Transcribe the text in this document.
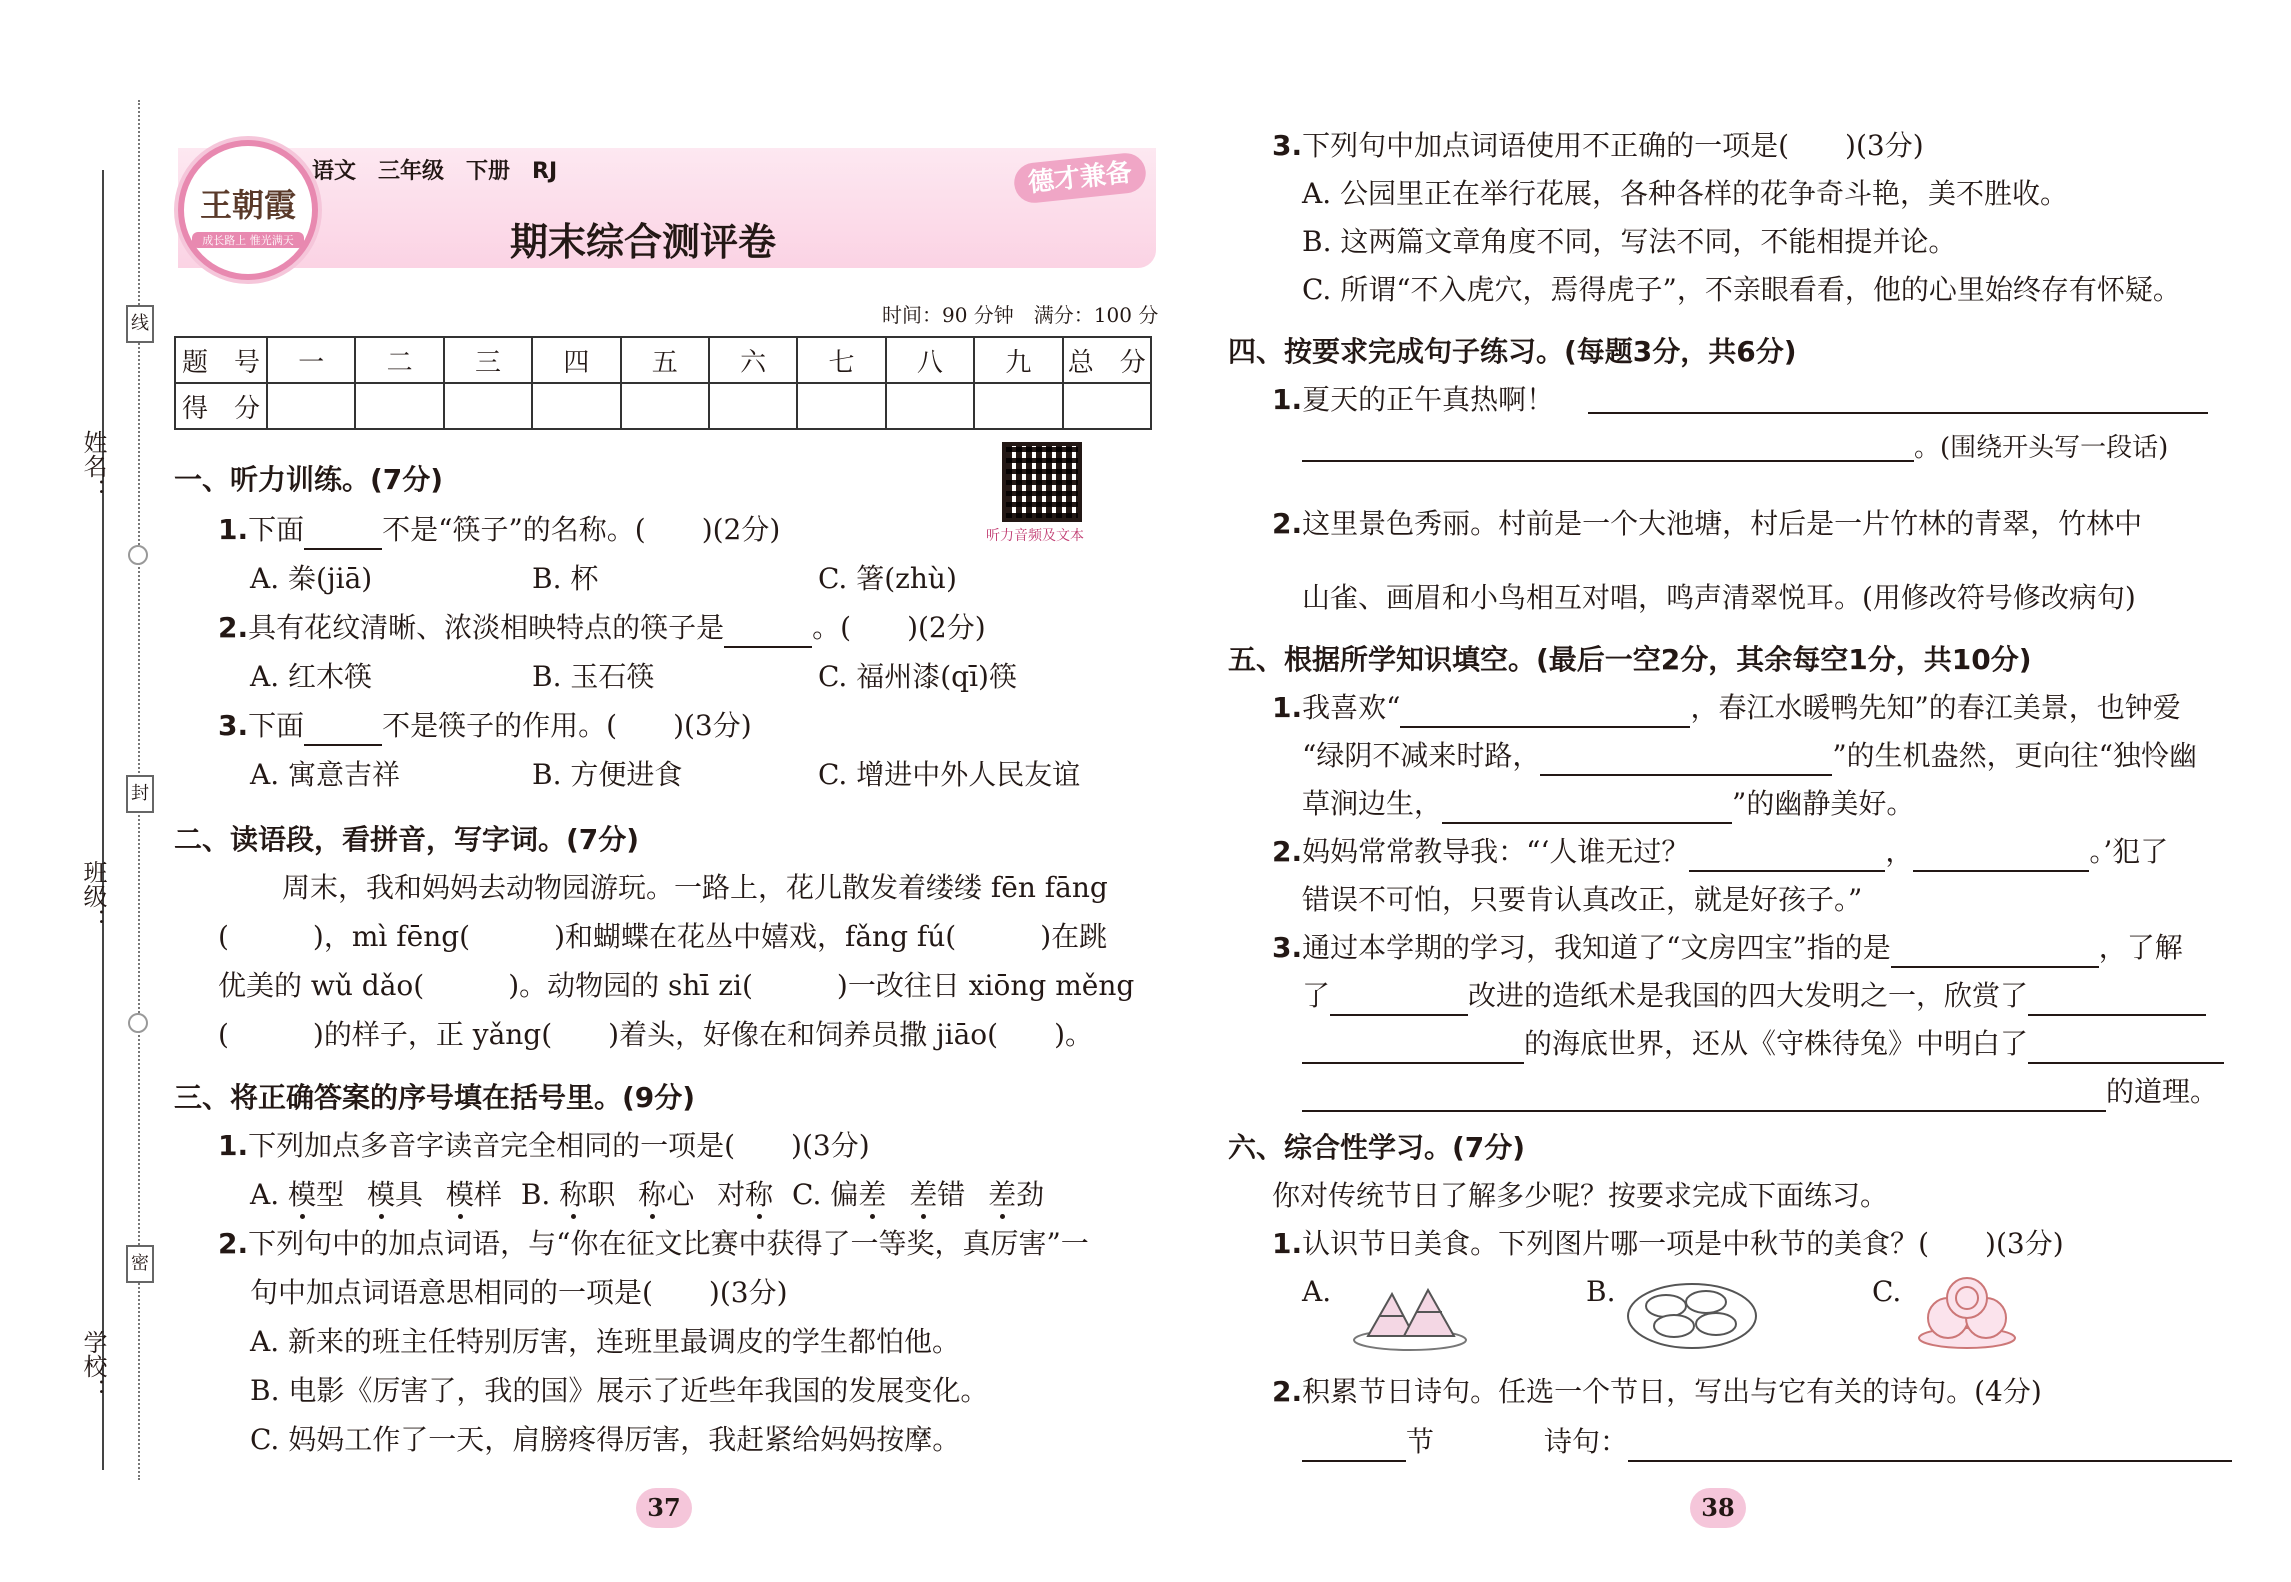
姓名：
班级：
学校：
线
封
密
王朝霞
成长路上 惟光满天
语文　三年级　下册　RJ	德才兼备
期末综合测评卷
时间：90 分钟　满分：100 分
题　号	一	二	三	四	五	六	七	八	九	总　分
得　分										
听力音频及文本
一、听力训练。(7分)
1.下面	不是“筷子”的名称。(　　)(2分)
A. 桊(jiā)	B. 杯	C. 箸(zhù)
2.具有花纹清晰、浓淡相映特点的筷子是	。(　　)(2分)
A. 红木筷	B. 玉石筷	C. 福州漆(qī)筷
3.下面	不是筷子的作用。(　　)(3分)
A. 寓意吉祥	B. 方便进食	C. 增进中外人民友谊
二、读语段，看拼音，写字词。(7分)
周末，我和妈妈去动物园游玩。一路上，花儿散发着缕缕 fēn fāng
(　　　)，mì fēng(　　　)和蝴蝶在花丛中嬉戏，fǎng fú(　　　)在跳
优美的 wǔ dǎo(　　　)。动物园的 shī zi(　　　)一改往日 xiōng měng
(　　　)的样子，正 yǎng(　　)着头，好像在和饲养员撒 jiāo(　　)。
三、将正确答案的序号填在括号里。(9分)
1.下列加点多音字读音完全相同的一项是(　　)(3分)
A. 模型 模具 模样 B. 称职 称心 对称 C. 偏差 差错 差劲
2.下列句中的加点词语，与“你在征文比赛中获得了一等奖，真厉害”一
句中加点词语意思相同的一项是(　　)(3分)
A. 新来的班主任特别厉害，连班里最调皮的学生都怕他。
B. 电影《厉害了，我的国》展示了近些年我国的发展变化。
C. 妈妈工作了一天，肩膀疼得厉害，我赶紧给妈妈按摩。
37
3.下列句中加点词语使用不正确的一项是(　　)(3分)
A. 公园里正在举行花展，各种各样的花争奇斗艳，美不胜收。
B. 这两篇文章角度不同，写法不同，不能相提并论。
C. 所谓“不入虎穴，焉得虎子”，不亲眼看看，他的心里始终存有怀疑。
四、按要求完成句子练习。(每题3分，共6分)
1.夏天的正午真热啊！
。(围绕开头写一段话)
2.这里景色秀丽。村前是一个大池塘，村后是一片竹林的青翠，竹林中
山雀、画眉和小鸟相互对唱，鸣声清翠悦耳。(用修改符号修改病句)
五、根据所学知识填空。(最后一空2分，其余每空1分，共10分)
1.我喜欢“	，春江水暖鸭先知”的春江美景，也钟爱
“绿阴不减来时路，	”的生机盎然，更向往“独怜幽
草涧边生，	”的幽静美好。
2.妈妈常常教导我：“‘人谁无过？	，	。’犯了
错误不可怕，只要肯认真改正，就是好孩子。”
3.通过本学期的学习，我知道了“文房四宝”指的是	，了解
了	改进的造纸术是我国的四大发明之一，欣赏了
的海底世界，还从《守株待兔》中明白了
的道理。
六、综合性学习。(7分)
你对传统节日了解多少呢？按要求完成下面练习。
1.认识节日美食。下列图片哪一项是中秋节的美食？(　　)(3分)
A.	B.	C.
2.积累节日诗句。任选一个节日，写出与它有关的诗句。(4分)
节	诗句：
38
